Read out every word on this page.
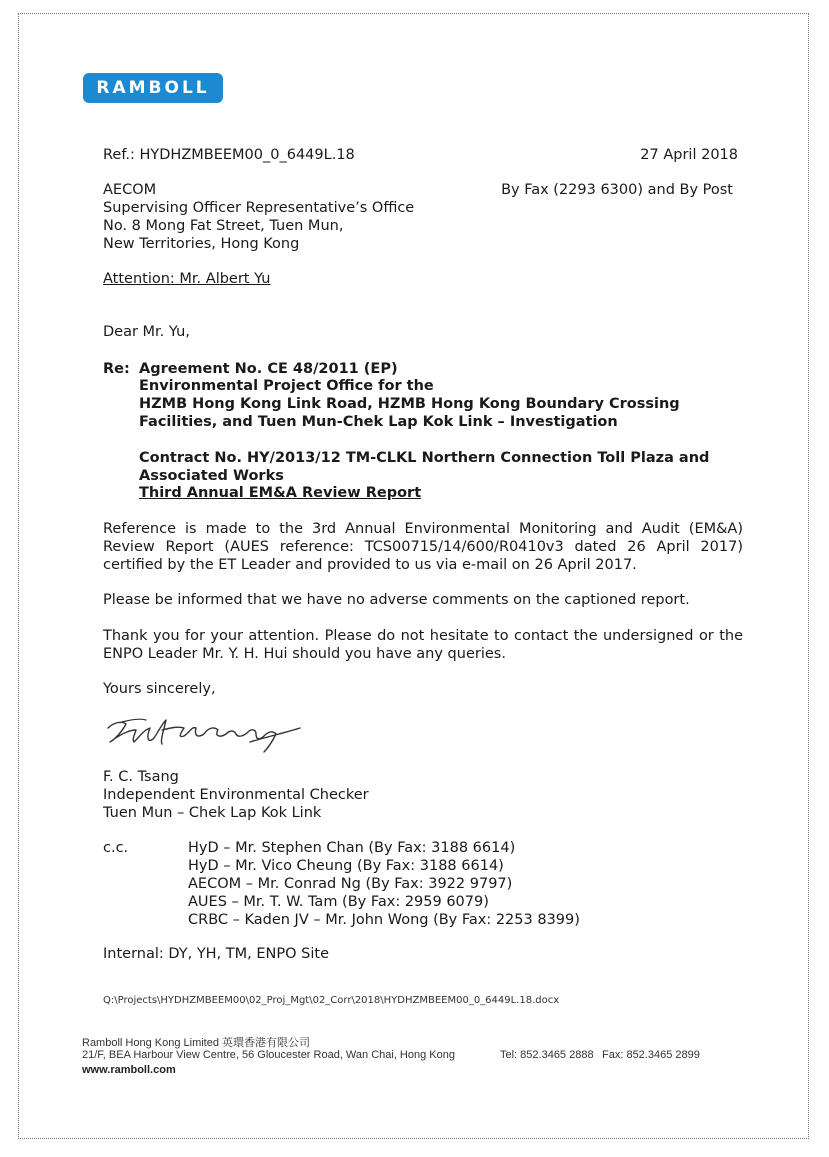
RAMBOLL
Ref.: HYDHZMBEEM00_0_6449L.18	27 April 2018
AECOM	By Fax (2293 6300) and By Post
Supervising Officer Representative’s Office
No. 8 Mong Fat Street, Tuen Mun,
New Territories, Hong Kong
Attention: Mr. Albert Yu
Dear Mr. Yu,
Re: Agreement No. CE 48/2011 (EP)
Environmental Project Office for the
HZMB Hong Kong Link Road, HZMB Hong Kong Boundary Crossing
Facilities, and Tuen Mun-Chek Lap Kok Link – Investigation
Contract No. HY/2013/12 TM-CLKL Northern Connection Toll Plaza and
Associated Works
Third Annual EM&A Review Report
Reference is made to the 3rd Annual Environmental Monitoring and Audit (EM&A) Review Report (AUES reference: TCS00715/14/600/R0410v3 dated 26 April 2017) certified by the ET Leader and provided to us via e-mail on 26 April 2017.
Please be informed that we have no adverse comments on the captioned report.
Thank you for your attention. Please do not hesitate to contact the undersigned or the ENPO Leader Mr. Y. H. Hui should you have any queries.
Yours sincerely,
F. C. Tsang
Independent Environmental Checker
Tuen Mun – Chek Lap Kok Link
c.c.	HyD – Mr. Stephen Chan (By Fax: 3188 6614)
HyD – Mr. Vico Cheung (By Fax: 3188 6614)
AECOM – Mr. Conrad Ng (By Fax: 3922 9797)
AUES – Mr. T. W. Tam (By Fax: 2959 6079)
CRBC – Kaden JV – Mr. John Wong (By Fax: 2253 8399)
Internal: DY, YH, TM, ENPO Site
Q:\Projects\HYDHZMBEEM00\02_Proj_Mgt\02_Corr\2018\HYDHZMBEEM00_0_6449L.18.docx
Ramboll Hong Kong Limited 英環香港有限公司
21/F, BEA Harbour View Centre, 56 Gloucester Road, Wan Chai, Hong Kong	Tel: 852.3465 2888 Fax: 852.3465 2899
www.ramboll.com
